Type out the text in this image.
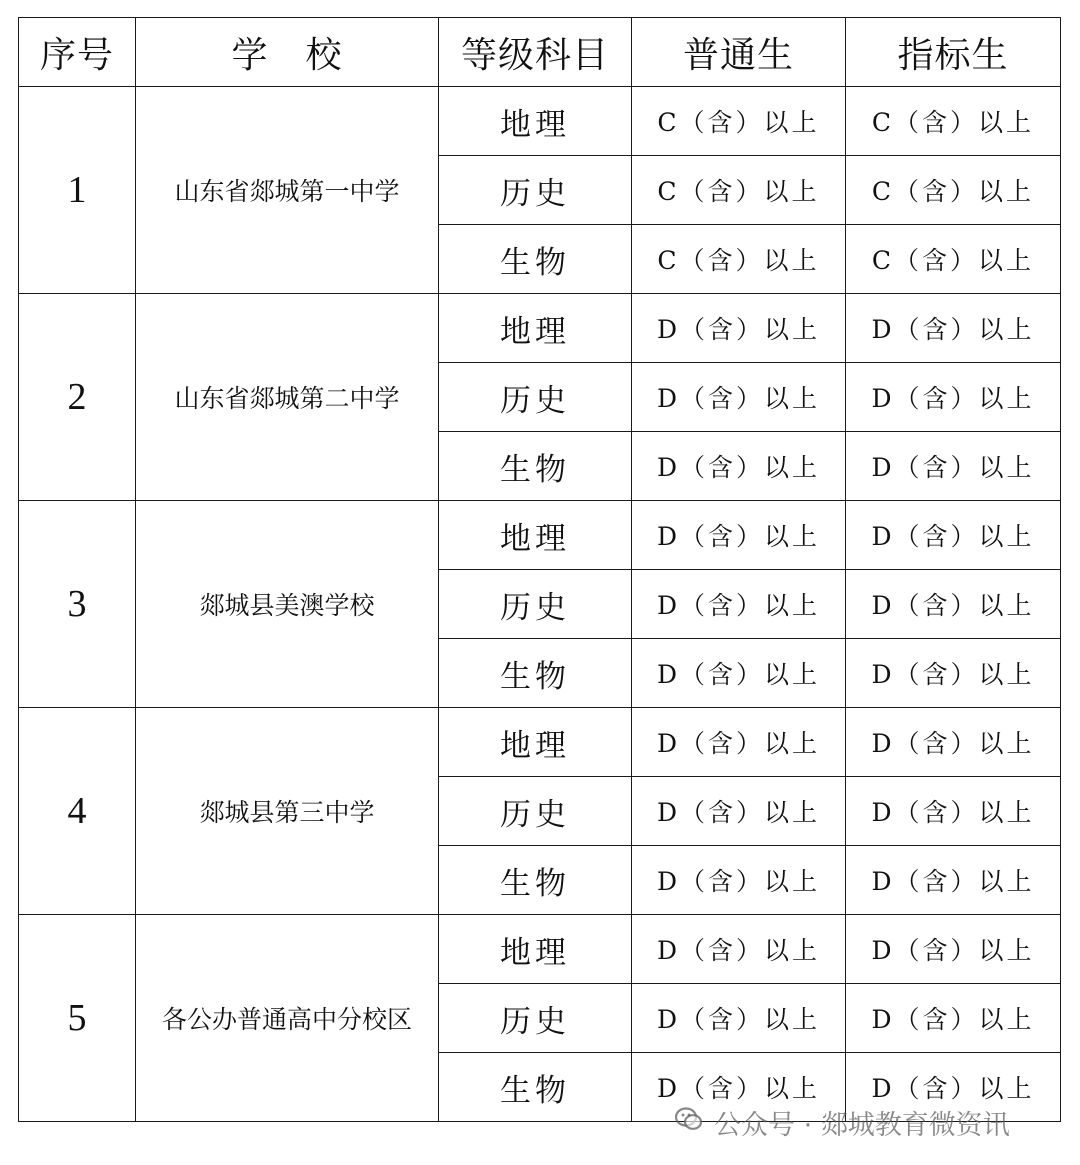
序号	学　校	等级科目	普通生	指标生
1	山东省郯城第一中学	地理	C（含）以上	C（含）以上
		历史	C（含）以上	C（含）以上
		生物	C（含）以上	C（含）以上
2	山东省郯城第二中学	地理	D（含）以上	D（含）以上
		历史	D（含）以上	D（含）以上
		生物	D（含）以上	D（含）以上
3	郯城县美澳学校	地理	D（含）以上	D（含）以上
		历史	D（含）以上	D（含）以上
		生物	D（含）以上	D（含）以上
4	郯城县第三中学	地理	D（含）以上	D（含）以上
		历史	D（含）以上	D（含）以上
		生物	D（含）以上	D（含）以上
5	各公办普通高中分校区	地理	D（含）以上	D（含）以上
		历史	D（含）以上	D（含）以上
		生物	D（含）以上	D（含）以上
公众号 · 郯城教育微资讯
